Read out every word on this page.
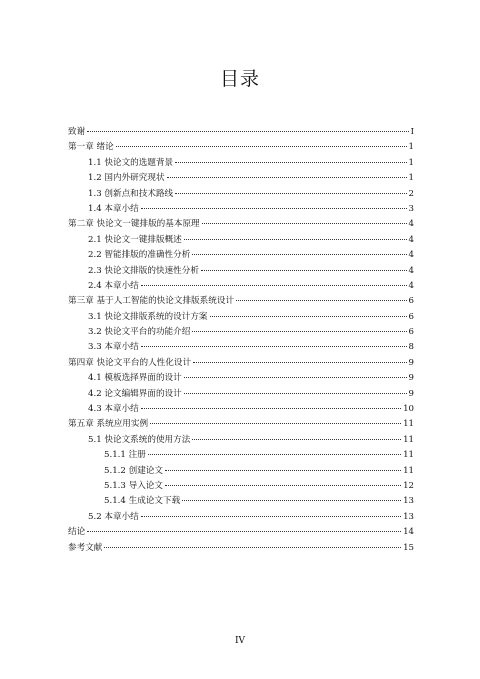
目录
致谢	I
第一章 绪论	1
1.1 快论文的选题背景	1
1.2 国内外研究现状	1
1.3 创新点和技术路线	2
1.4 本章小结	3
第二章 快论文一键排版的基本原理	4
2.1 快论文一键排版概述	4
2.2 智能排版的准确性分析	4
2.3 快论文排版的快速性分析	4
2.4 本章小结	4
第三章 基于人工智能的快论文排版系统设计	6
3.1 快论文排版系统的设计方案	6
3.2 快论文平台的功能介绍	6
3.3 本章小结	8
第四章 快论文平台的人性化设计	9
4.1 模板选择界面的设计	9
4.2 论文编辑界面的设计	9
4.3 本章小结	10
第五章 系统应用实例	11
5.1 快论文系统的使用方法	11
5.1.1 注册	11
5.1.2 创建论文	11
5.1.3 导入论文	12
5.1.4 生成论文下载	13
5.2 本章小结	13
结论	14
参考文献	15
IV
